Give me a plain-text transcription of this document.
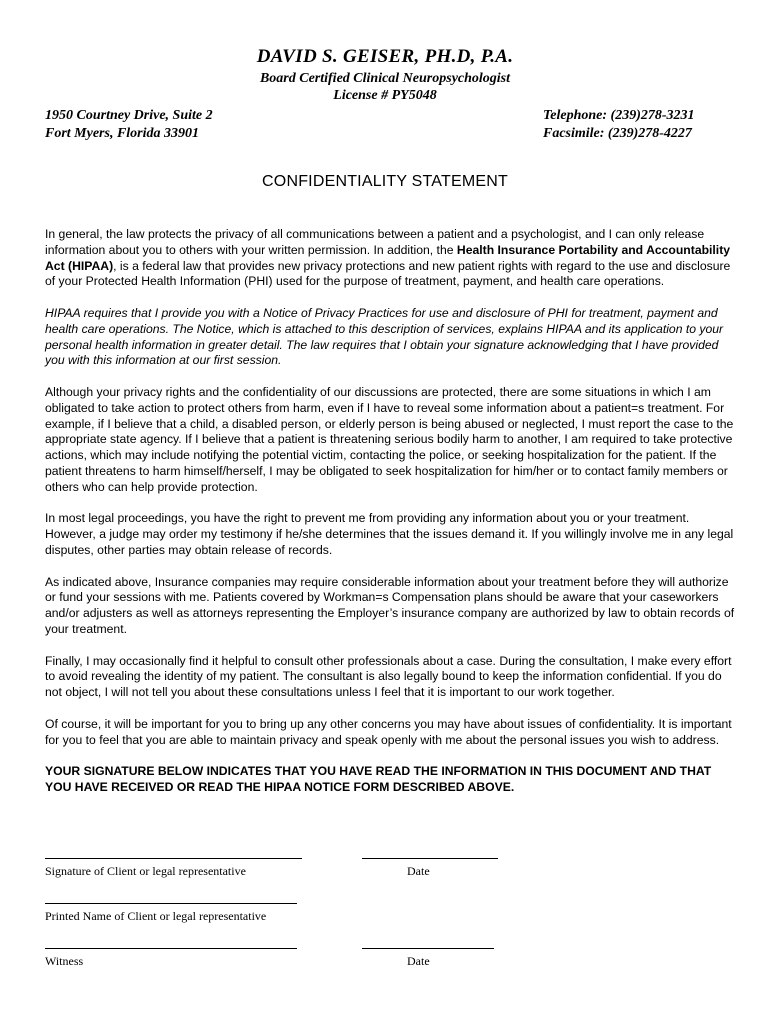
DAVID S. GEISER, PH.D, P.A.
Board Certified Clinical Neuropsychologist
License # PY5048
1950 Courtney Drive, Suite 2
Fort Myers, Florida 33901
Telephone: (239)278-3231
Facsimile: (239)278-4227
CONFIDENTIALITY STATEMENT

In general, the law protects the privacy of all communications between a patient and a psychologist, and I can only release information about you to others with your written permission. In addition, the Health Insurance Portability and Accountability Act (HIPAA), is a federal law that provides new privacy protections and new patient rights with regard to the use and disclosure of your Protected Health Information (PHI) used for the purpose of treatment, payment, and health care operations.

HIPAA requires that I provide you with a Notice of Privacy Practices for use and disclosure of PHI for treatment, payment and health care operations. The Notice, which is attached to this description of services, explains HIPAA and its application to your personal health information in greater detail. The law requires that I obtain your signature acknowledging that I have provided you with this information at our first session.

Although your privacy rights and the confidentiality of our discussions are protected, there are some situations in which I am obligated to take action to protect others from harm, even if I have to reveal some information about a patient=s treatment. For example, if I believe that a child, a disabled person, or elderly person is being abused or neglected, I must report the case to the appropriate state agency. If I believe that a patient is threatening serious bodily harm to another, I am required to take protective actions, which may include notifying the potential victim, contacting the police, or seeking hospitalization for the patient. If the patient threatens to harm himself/herself, I may be obligated to seek hospitalization for him/her or to contact family members or others who can help provide protection.

In most legal proceedings, you have the right to prevent me from providing any information about you or your treatment. However, a judge may order my testimony if he/she determines that the issues demand it. If you willingly involve me in any legal disputes, other parties may obtain release of records.

As indicated above, Insurance companies may require considerable information about your treatment before they will authorize or fund your sessions with me. Patients covered by Workman=s Compensation plans should be aware that your caseworkers and/or adjusters as well as attorneys representing the Employer’s insurance company are authorized by law to obtain records of your treatment.

Finally, I may occasionally find it helpful to consult other professionals about a case. During the consultation, I make every effort to avoid revealing the identity of my patient. The consultant is also legally bound to keep the information confidential. If you do not object, I will not tell you about these consultations unless I feel that it is important to our work together.

Of course, it will be important for you to bring up any other concerns you may have about issues of confidentiality. It is important for you to feel that you are able to maintain privacy and speak openly with me about the personal issues you wish to address.

YOUR SIGNATURE BELOW INDICATES THAT YOU HAVE READ THE INFORMATION IN THIS DOCUMENT AND THAT YOU HAVE RECEIVED OR READ THE HIPAA NOTICE FORM DESCRIBED ABOVE.

Signature of Client or legal representative	Date
Printed Name of Client or legal representative
Witness	Date
